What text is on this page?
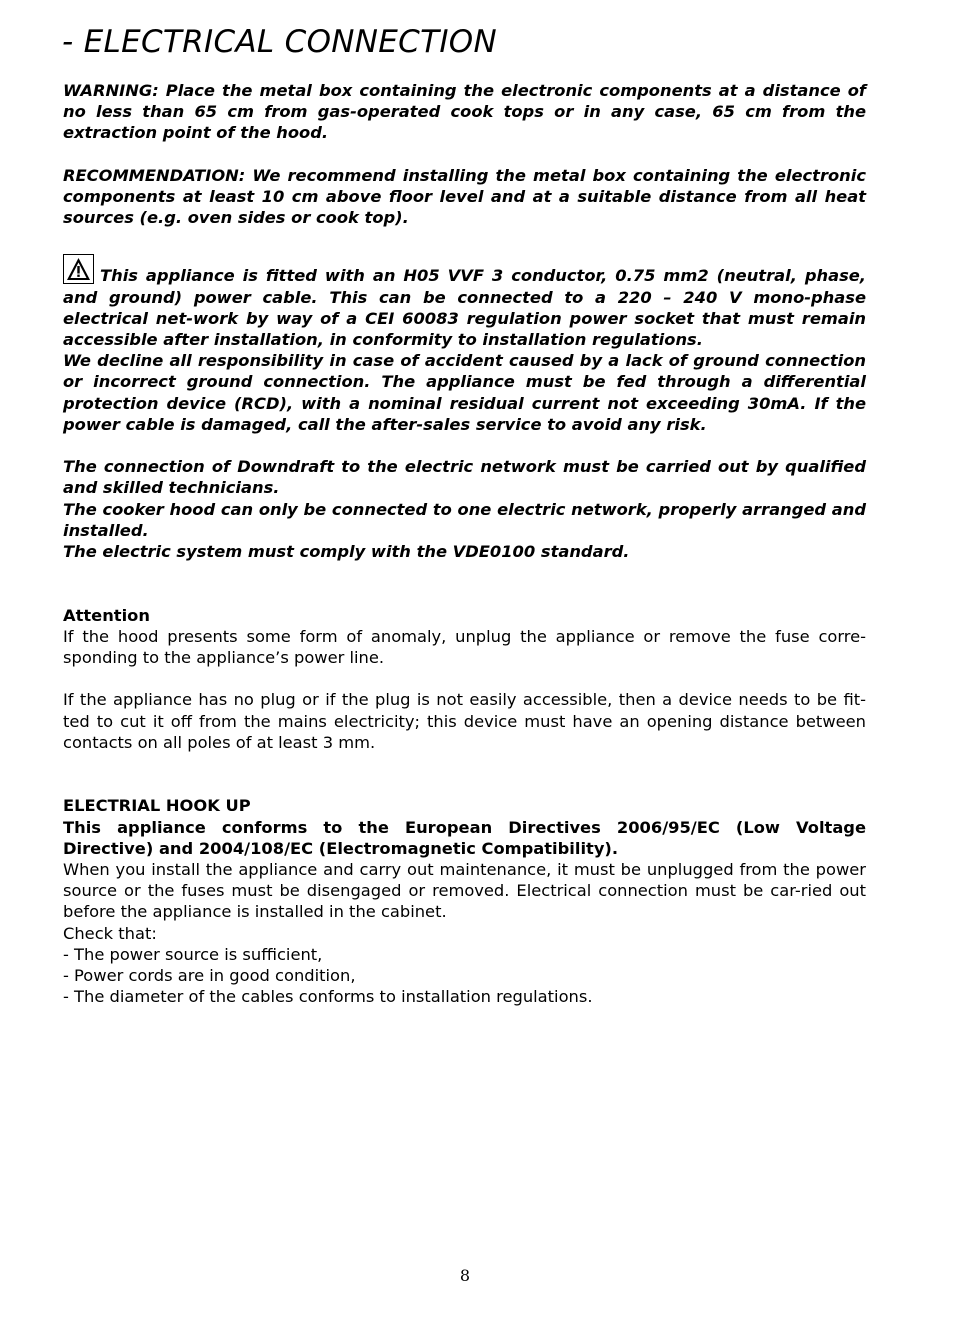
- ELECTRICAL CONNECTION

WARNING: Place the metal box containing the electronic components at a distance of no less than 65 cm from gas-operated cook tops or in any case, 65 cm from the extraction point of the hood.

RECOMMENDATION: We recommend installing the metal box containing the electronic components at least 10 cm above floor level and at a suitable distance from all heat sources (e.g. oven sides or cook top).

This appliance is fitted with an H05 VVF 3 conductor, 0.75 mm2 (neutral, phase, and ground) power cable. This can be connected to a 220 – 240 V mono-phase electrical net-work by way of a CEI 60083 regulation power socket that must remain accessible after installation, in conformity to installation regulations.

We decline all responsibility in case of accident caused by a lack of ground connection or incorrect ground connection. The appliance must be fed through a differential protection device (RCD), with a nominal residual current not exceeding 30mA. If the power cable is damaged, call the after-sales service to avoid any risk.

The connection of Downdraft to the electric network must be carried out by qualified and skilled technicians.

The cooker hood can only be connected to one electric network, properly arranged and installed.

The electric system must comply with the VDE0100 standard.

Attention

If the hood presents some form of anomaly, unplug the appliance or remove the fuse corre-sponding to the appliance’s power line.

If the appliance has no plug or if the plug is not easily accessible, then a device needs to be fit-ted to cut it off from the mains electricity; this device must have an opening distance between contacts on all poles of at least 3 mm.

ELECTRIAL HOOK UP

This appliance conforms to the European Directives 2006/95/EC (Low Voltage Directive) and 2004/108/EC (Electromagnetic Compatibility).

When you install the appliance and carry out maintenance, it must be unplugged from the power source or the fuses must be disengaged or removed. Electrical connection must be car-ried out before the appliance is installed in the cabinet.

Check that:

- The power source is sufficient,

- Power cords are in good condition,

- The diameter of the cables conforms to installation regulations.

8
